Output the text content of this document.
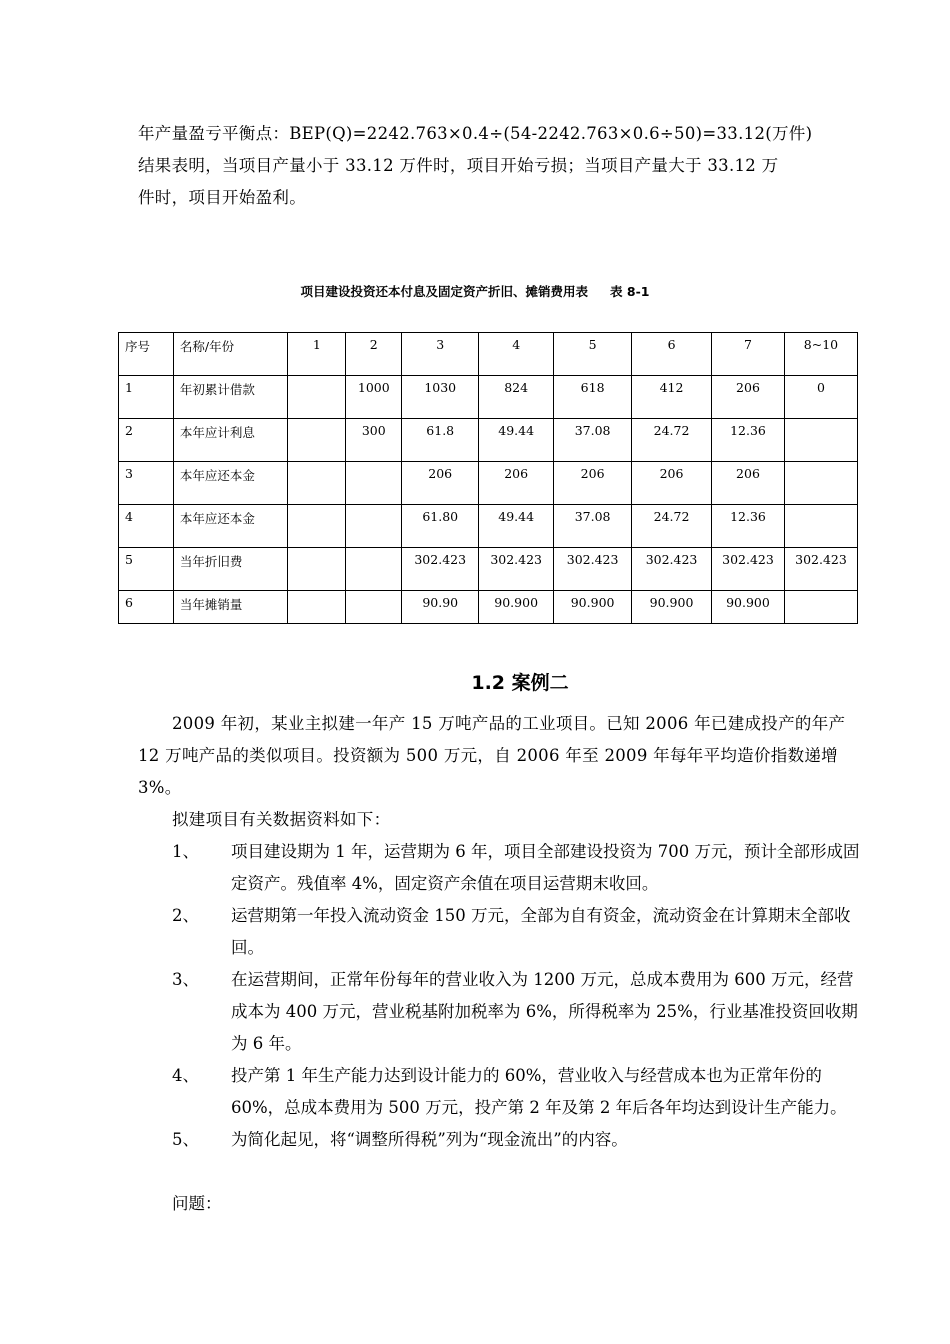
年产量盈亏平衡点：BEP(Q)=2242.763×0.4÷(54-2242.763×0.6÷50)=33.12(万件)

结果表明，当项目产量小于 33.12 万件时，项目开始亏损；当项目产量大于 33.12 万

件时，项目开始盈利。

项目建设投资还本付息及固定资产折旧、摊销费用表 表 8-1
序号	名称/年份	1	2	3	4	5	6	7	8~10
1	年初累计借款		1000	1030	824	618	412	206	0
2	本年应计利息		300	61.8	49.44	37.08	24.72	12.36	
3	本年应还本金			206	206	206	206	206	
4	本年应还本金			61.80	49.44	37.08	24.72	12.36	
5	当年折旧费			302.423	302.423	302.423	302.423	302.423	302.423
6	当年摊销量			90.90	90.900	90.900	90.900	90.900	
1.2 案例二

2009 年初，某业主拟建一年产 15 万吨产品的工业项目。已知 2006 年已建成投产的年产 12 万吨产品的类似项目。投资额为 500 万元，自 2006 年至 2009 年每年平均造价指数递增 3%。

拟建项目有关数据资料如下：

1、 项目建设期为 1 年，运营期为 6 年，项目全部建设投资为 700 万元，预计全部形成固定资产。残值率 4%，固定资产余值在项目运营期末收回。
2、 运营期第一年投入流动资金 150 万元，全部为自有资金，流动资金在计算期末全部收回。
3、 在运营期间，正常年份每年的营业收入为 1200 万元，总成本费用为 600 万元，经营成本为 400 万元，营业税基附加税率为 6%，所得税率为 25%，行业基准投资回收期为 6 年。
4、 投产第 1 年生产能力达到设计能力的 60%，营业收入与经营成本也为正常年份的 60%，总成本费用为 500 万元，投产第 2 年及第 2 年后各年均达到设计生产能力。
5、 为简化起见，将“调整所得税”列为“现金流出”的内容。
问题：
